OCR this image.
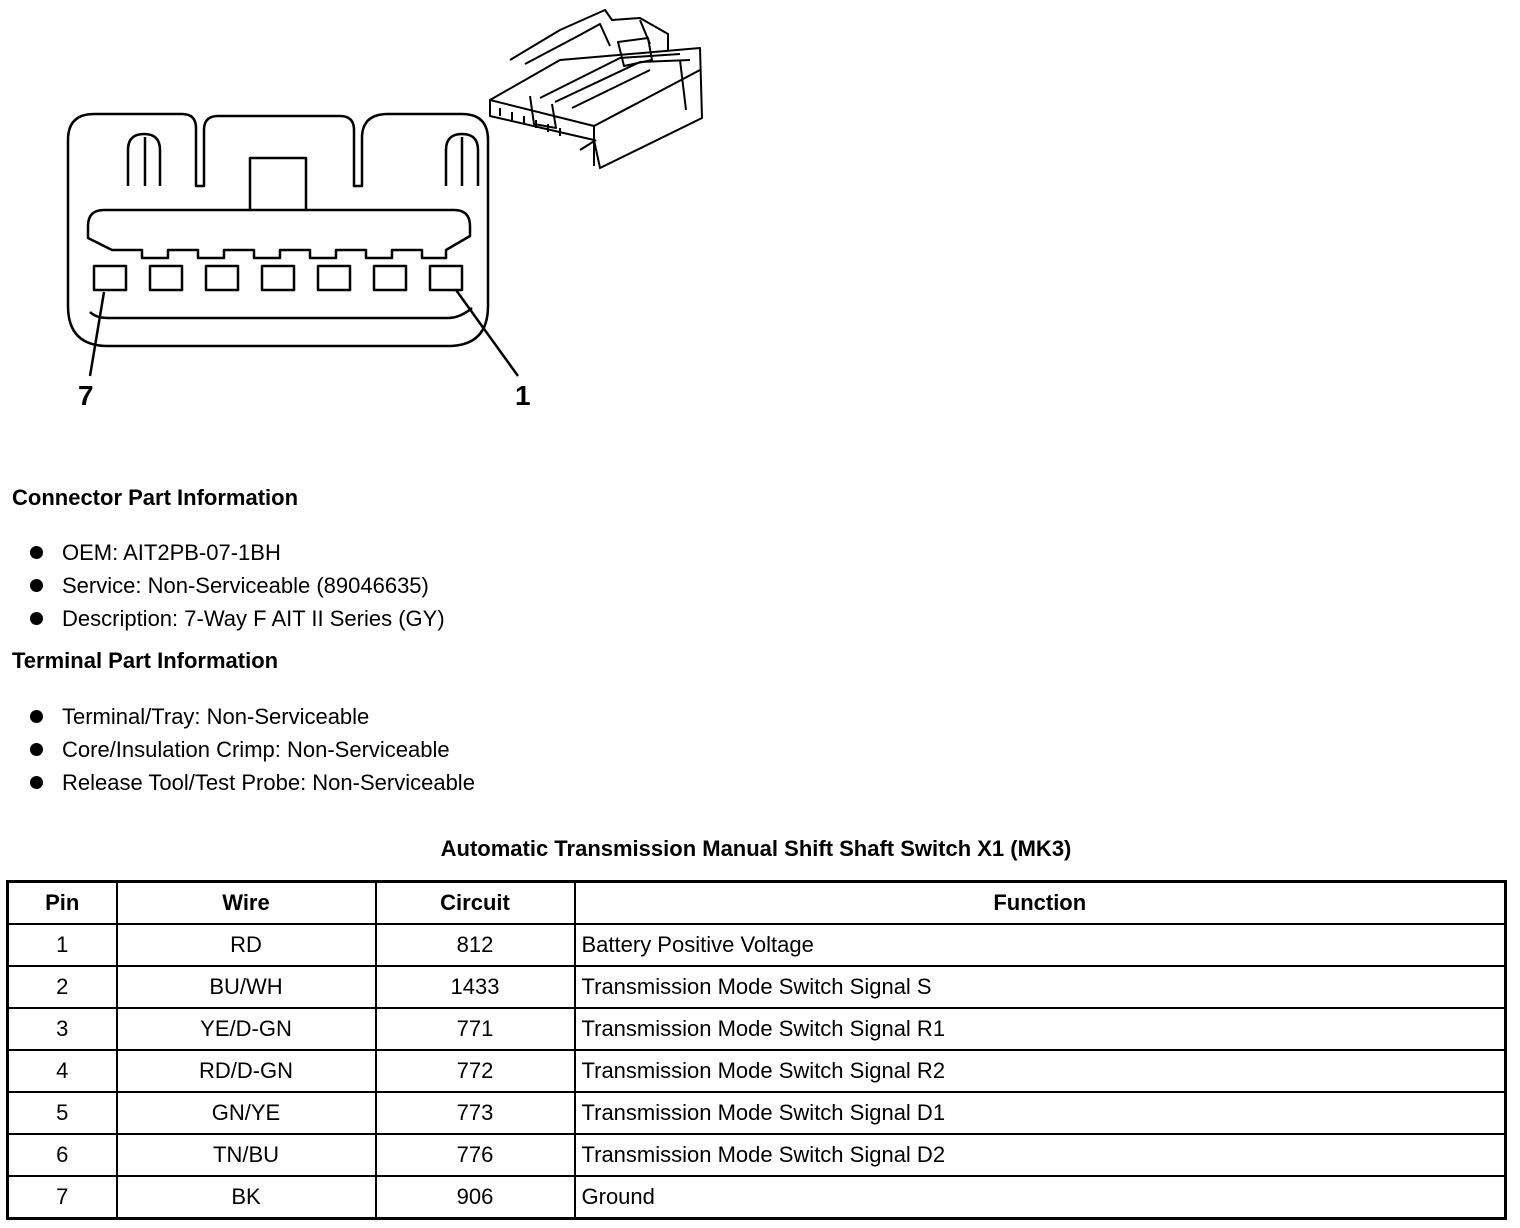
7	1
Connector Part Information
OEM: AIT2PB-07-1BH
Service: Non-Serviceable (89046635)
Description: 7-Way F AIT II Series (GY)
Terminal Part Information
Terminal/Tray: Non-Serviceable
Core/Insulation Crimp: Non-Serviceable
Release Tool/Test Probe: Non-Serviceable
Automatic Transmission Manual Shift Shaft Switch X1 (MK3)
Pin	Wire	Circuit	Function
1	RD	812	Battery Positive Voltage
2	BU/WH	1433	Transmission Mode Switch Signal S
3	YE/D-GN	771	Transmission Mode Switch Signal R1
4	RD/D-GN	772	Transmission Mode Switch Signal R2
5	GN/YE	773	Transmission Mode Switch Signal D1
6	TN/BU	776	Transmission Mode Switch Signal D2
7	BK	906	Ground
